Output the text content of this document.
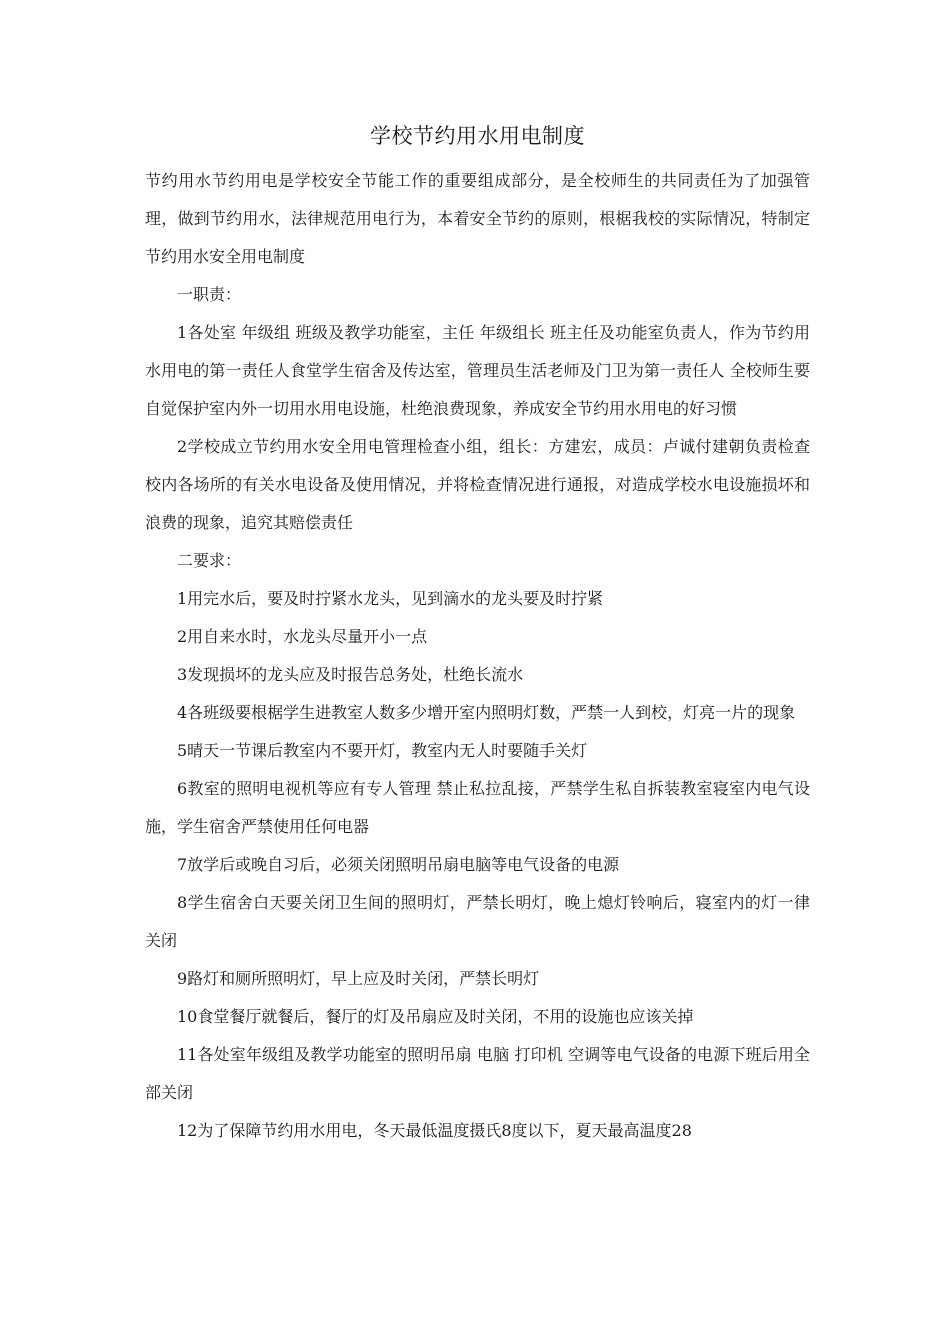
学校节约用水用电制度

节约用水节约用电是学校安全节能工作的重要组成部分，是全校师生的共同责任为了加强管理，做到节约用水，法律规范用电行为，本着安全节约的原则，根椐我校的实际情况，特制定节约用水安全用电制度

一职责：

1各处室 年级组 班级及教学功能室，主任 年级组长 班主任及功能室负责人，作为节约用水用电的第一责任人食堂学生宿舍及传达室，管理员生活老师及门卫为第一责任人 全校师生要自觉保护室内外一切用水用电设施，杜绝浪费现象，养成安全节约用水用电的好习惯

2学校成立节约用水安全用电管理检查小组，组长：方建宏，成员：卢诚付建朝负责检查校内各场所的有关水电设备及使用情况，并将检查情况进行通报，对造成学校水电设施损坏和浪费的现象，追究其赔偿责任

二要求：

1用完水后，要及时拧紧水龙头，见到滴水的龙头要及时拧紧

2用自来水时，水龙头尽量开小一点

3发现损坏的龙头应及时报告总务处，杜绝长流水

4各班级要根椐学生进教室人数多少增开室内照明灯数，严禁一人到校，灯亮一片的现象

5晴天一节课后教室内不要开灯，教室内无人时要随手关灯

6教室的照明电视机等应有专人管理 禁止私拉乱接，严禁学生私自拆装教室寝室内电气设施，学生宿舍严禁使用任何电器

7放学后或晚自习后，必须关闭照明吊扇电脑等电气设备的电源

8学生宿舍白天要关闭卫生间的照明灯，严禁长明灯，晚上熄灯铃响后，寝室内的灯一律关闭

9路灯和厕所照明灯，早上应及时关闭，严禁长明灯

10食堂餐厅就餐后，餐厅的灯及吊扇应及时关闭，不用的设施也应该关掉

11各处室年级组及教学功能室的照明吊扇 电脑 打印机 空调等电气设备的电源下班后用全部关闭

12为了保障节约用水用电，冬天最低温度摄氏8度以下，夏天最高温度28
